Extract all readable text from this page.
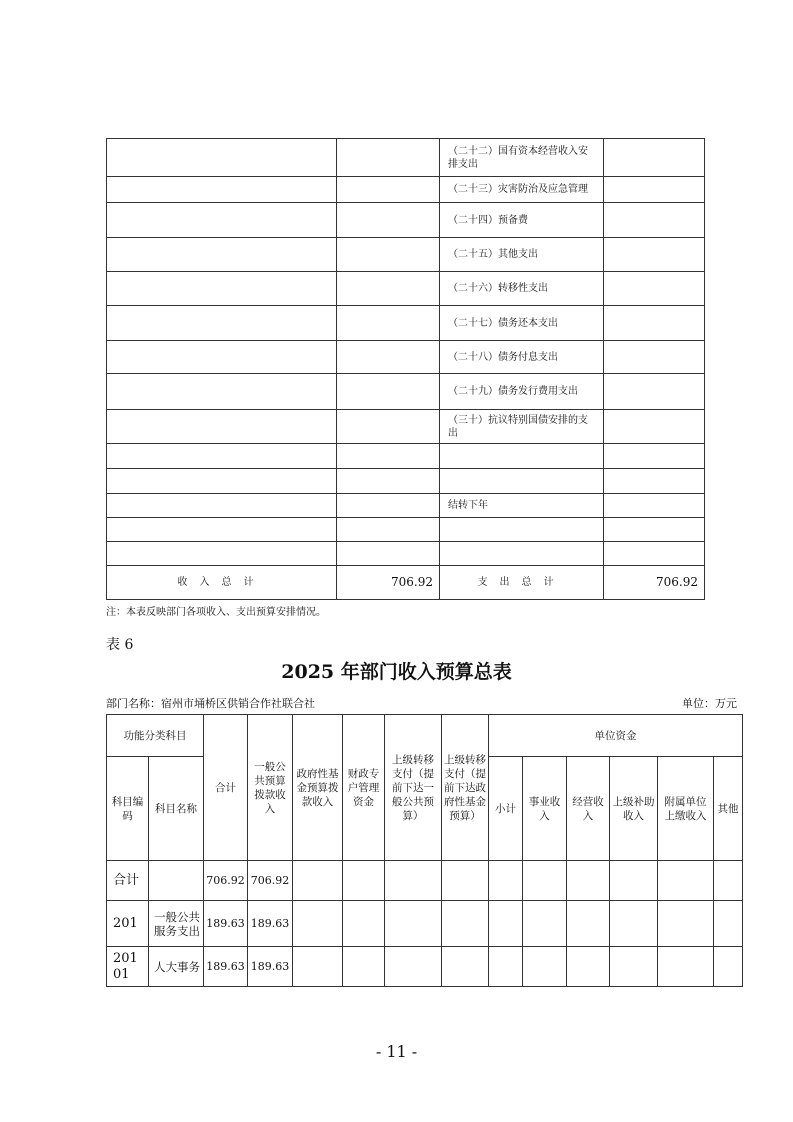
		（二十二）国有资本经营收入安排支出	
		（二十三）灾害防治及应急管理	
		（二十四）预备费	
		（二十五）其他支出	
		（二十六）转移性支出	
		（二十七）债务还本支出	
		（二十八）债务付息支出	
		（二十九）债务发行费用支出	
		（三十）抗议特别国债安排的支出	

		结转下年	

收入总计	706.92	支出总计	706.92
注：本表反映部门各项收入、支出预算安排情况。
表 6
2025 年部门收入预算总表
部门名称：宿州市埇桥区供销合作社联合社	单位：万元
功能分类科目		合计	一般公共预算拨款收入	政府性基金预算拨款收入	财政专户管理资金	上级转移支付（提前下达一般公共预算）	上级转移支付（提前下达政府性基金预算）	单位资金					
科目编码	科目名称							小计	事业收入	经营收入	上级补助收入	附属单位上缴收入	其他
合计		706.92	706.92										
201	一般公共服务支出	189.63	189.63										
20101	人大事务	189.63	189.63										
- 11 -
